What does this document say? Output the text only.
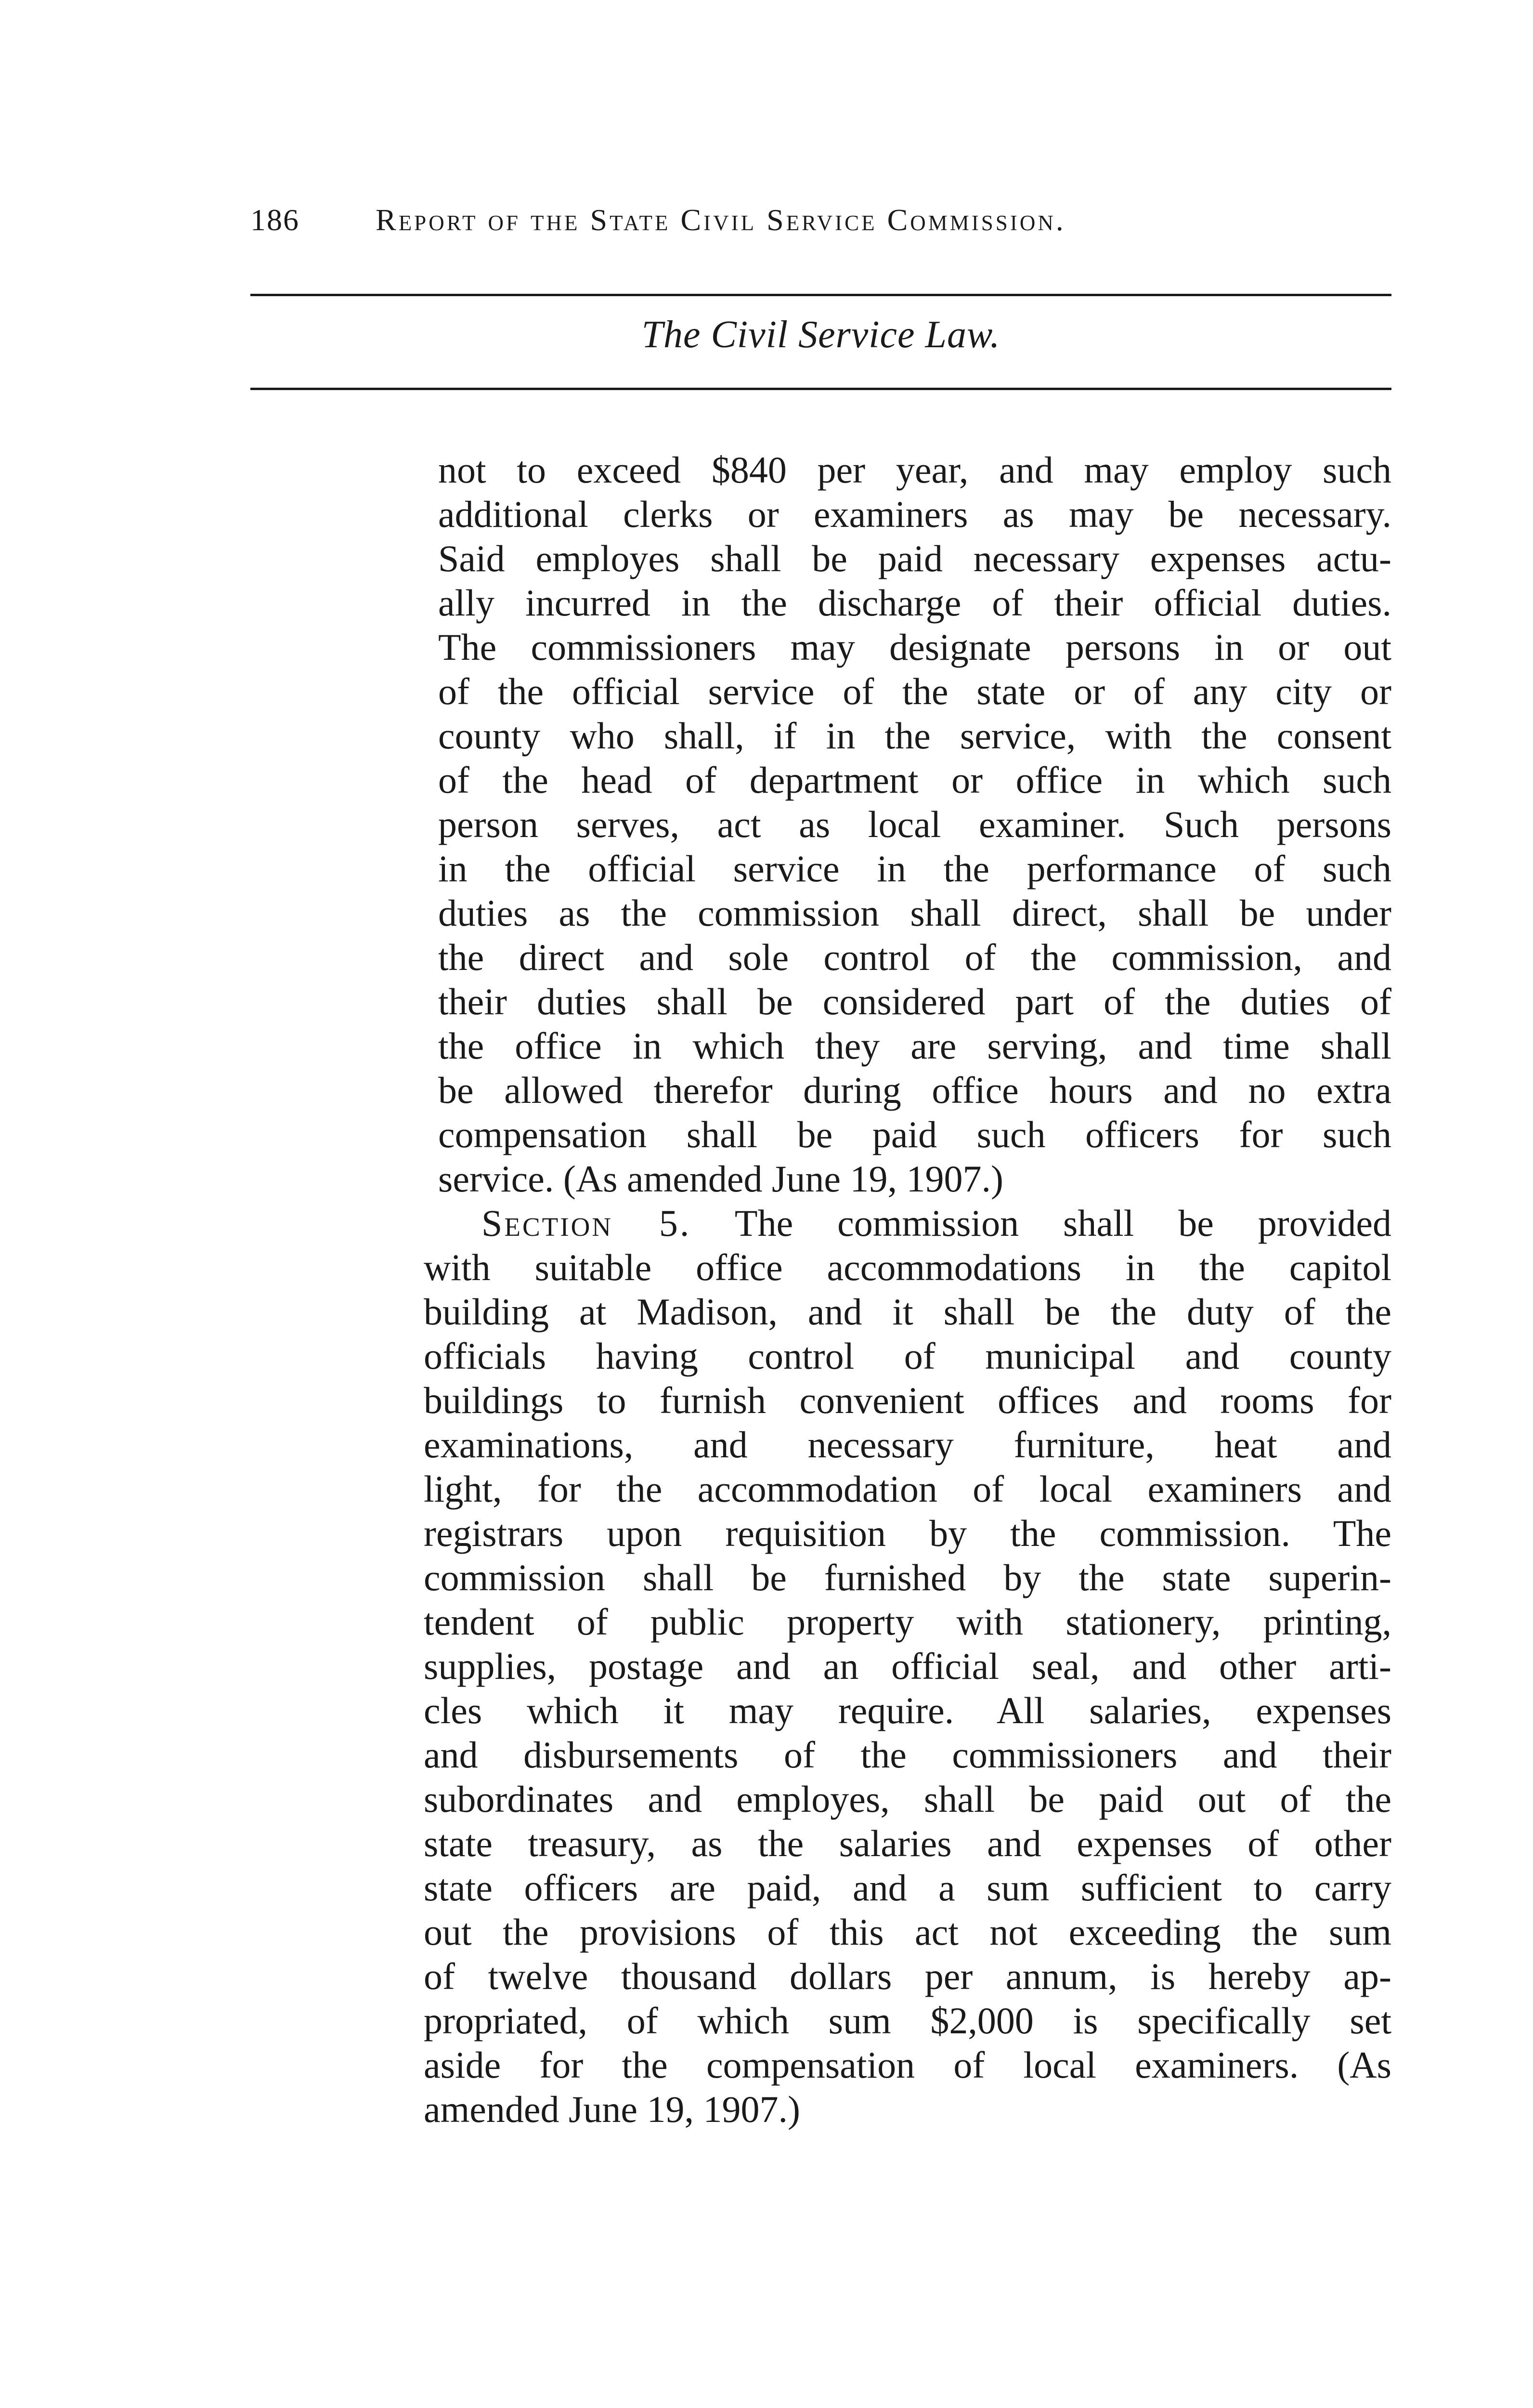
186 Report of the State Civil Service Commission.
The Civil Service Law.
not to exceed $840 per year, and may employ such
additional clerks or examiners as may be necessary.
Said employes shall be paid necessary expenses actu-
ally incurred in the discharge of their official duties.
The commissioners may designate persons in or out
of the official service of the state or of any city or
county who shall, if in the service, with the consent
of the head of department or office in which such
person serves, act as local examiner. Such persons
in the official service in the performance of such
duties as the commission shall direct, shall be under
the direct and sole control of the commission, and
their duties shall be considered part of the duties of
the office in which they are serving, and time shall
be allowed therefor during office hours and no extra
compensation shall be paid such officers for such
service. (As amended June 19, 1907.)
Section 5. The commission shall be provided
with suitable office accommodations in the capitol
building at Madison, and it shall be the duty of the
officials having control of municipal and county
buildings to furnish convenient offices and rooms for
examinations, and necessary furniture, heat and
light, for the accommodation of local examiners and
registrars upon requisition by the commission. The
commission shall be furnished by the state superin-
tendent of public property with stationery, printing,
supplies, postage and an official seal, and other arti-
cles which it may require. All salaries, expenses
and disbursements of the commissioners and their
subordinates and employes, shall be paid out of the
state treasury, as the salaries and expenses of other
state officers are paid, and a sum sufficient to carry
out the provisions of this act not exceeding the sum
of twelve thousand dollars per annum, is hereby ap-
propriated, of which sum $2,000 is specifically set
aside for the compensation of local examiners. (As
amended June 19, 1907.)
